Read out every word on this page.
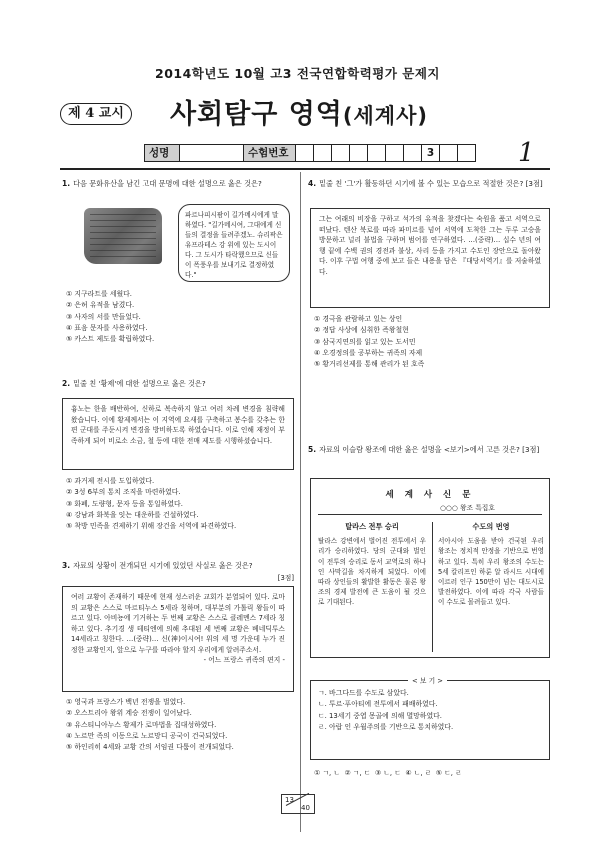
2014학년도 10월 고3 전국연합학력평가 문제지
제 4 교시	사회탐구 영역(세계사)
성명	수험번호	3	1
1. 다음 문화유산을 남긴 고대 문명에 대한 설명으로 옳은 것은?
파르나피시팜이 길가메시에게 말하였다. "길가메시여, 그대에게 신들의 결정을 들려주겠노. 슈리팍은 유프라테스 강 위에 있는 도시이다. 그 도시가 타락했으므로 신들이 폭풍우를 보내기로 결정하였다."
① 지구라트를 세웠다.
② 은허 유적을 남겼다.
③ 사자의 서를 만들었다.
④ 표음 문자를 사용하였다.
⑤ 카스트 제도를 확립하였다.
2. 밑줄 친 '황제'에 대한 설명으로 옳은 것은?
흉노는 한을 배반하여, 신하로 복속하지 않고 여러 차례 변경을 침략해 왔습니다. 이에 황제께서는 이 지역에 요새를 구축하고 봉수를 갖추는 한편 군대를 주둔시켜 변경을 방비하도록 하였습니다. 이로 인해 재정이 부족하게 되어 비로소 소금, 철 등에 대한 전매 제도를 시행하셨습니다.
① 과거제 전시를 도입하였다.
② 3성 6부의 통치 조직을 마련하였다.
③ 화폐, 도량형, 문자 등을 통일하였다.
④ 강남과 화북을 잇는 대운하를 건설하였다.
⑤ 착방 민족을 견제하기 위해 장건을 서역에 파견하였다.
3. 자료의 상황이 전개되던 시기에 있었던 사실로 옳은 것은?
[3점]
여러 교황이 존재하기 때문에 현재 성스러운 교회가 분열되어 있다. 로마의 교황은 스스로 마르티누스 5세라 칭하며, 대부분의 가톨릭 왕들이 따르고 있다. 아비뇽에 기거하는 두 번째 교황은 스스로 클레멘스 7세라 칭하고 있다. 추기경 생 테티엔에 의해 추대된 세 번째 교황은 베네딕투스 14세라고 칭한다. …(중략)… 신(神)이시여! 위의 세 명 가운데 누가 진정한 교황인지, 앞으로 누구를 따라야 할지 우리에게 알려주소서.
- 어느 프랑스 귀족의 편지 -
① 영국과 프랑스가 백년 전쟁을 벌였다.
② 오스트리아 왕위 계승 전쟁이 일어났다.
③ 유스티니아누스 황제가 로마법을 집대성하였다.
④ 노르만 족의 이동으로 노르망디 공국이 건국되었다.
⑤ 하인리히 4세와 교황 간의 서임권 다툼이 전개되었다.
4. 밑줄 친 '그'가 활동하던 시기에 볼 수 있는 모습으로 적절한 것은? [3점]
그는 여래의 비장을 구하고 석가의 유적을 찾겠다는 숙원을 품고 서역으로 떠났다. 텐산 북로를 따라 파미르를 넘어 서역에 도착한 그는 두루 고승을 방문하고 널리 불법을 구하며 범어를 연구하였다. …(중략)… 십수 년의 여행 끝에 수백 권의 경전과 불상, 사리 등을 가지고 수도인 장안으로 돌아왔다. 이후 구법 여행 중에 보고 들은 내용을 담은 『대당서역기』를 저술하였다.
① 경극을 관람하고 있는 상인
② 정답 사상에 심취한 즉왕철현
③ 삼국지연의를 읽고 있는 도서민
④ 오경정의를 공부하는 귀족의 자제
⑤ 황거리선제를 통해 관리가 된 호족
5. 자료의 이슬람 왕조에 대한 옳은 설명을 <보기>에서 고른 것은? [3점]
세 계 사 신 문
○○○ 왕조 특집호
탈라스 전투 승리
탈라스 강변에서 벌어진 전투에서 우리가 승리하였다. 당의 군대와 벌인 이 전투의 승리로 동서 교역로의 하나인 사막길을 차지하게 되었다. 이에 따라 상인들의 활발한 활동은 물론 왕조의 경제 발전에 큰 도움이 될 것으로 기대된다.
수도의 번영
서아시아 도움을 받아 건국된 우리 왕조는 정치적 안정을 기반으로 번영하고 있다. 특히 우리 왕조의 수도는 5세 칼리프인 하룬 알 라시드 시대에 이르러 인구 150만이 넘는 대도시로 발전하였다. 이에 따라 각국 사람들이 수도로 몰려들고 있다.
< 보 기 >
ㄱ. 바그다드를 수도로 삼았다.
ㄴ. 투르·푸아티에 전투에서 패배하였다.
ㄷ. 13세기 중엽 몽골에 의해 멸망하였다.
ㄹ. 아랍 인 우월주의를 기반으로 통치하였다.
① ㄱ, ㄴ  ② ㄱ, ㄷ  ③ ㄴ, ㄷ  ④ ㄴ, ㄹ  ⑤ ㄷ, ㄹ
13
40
